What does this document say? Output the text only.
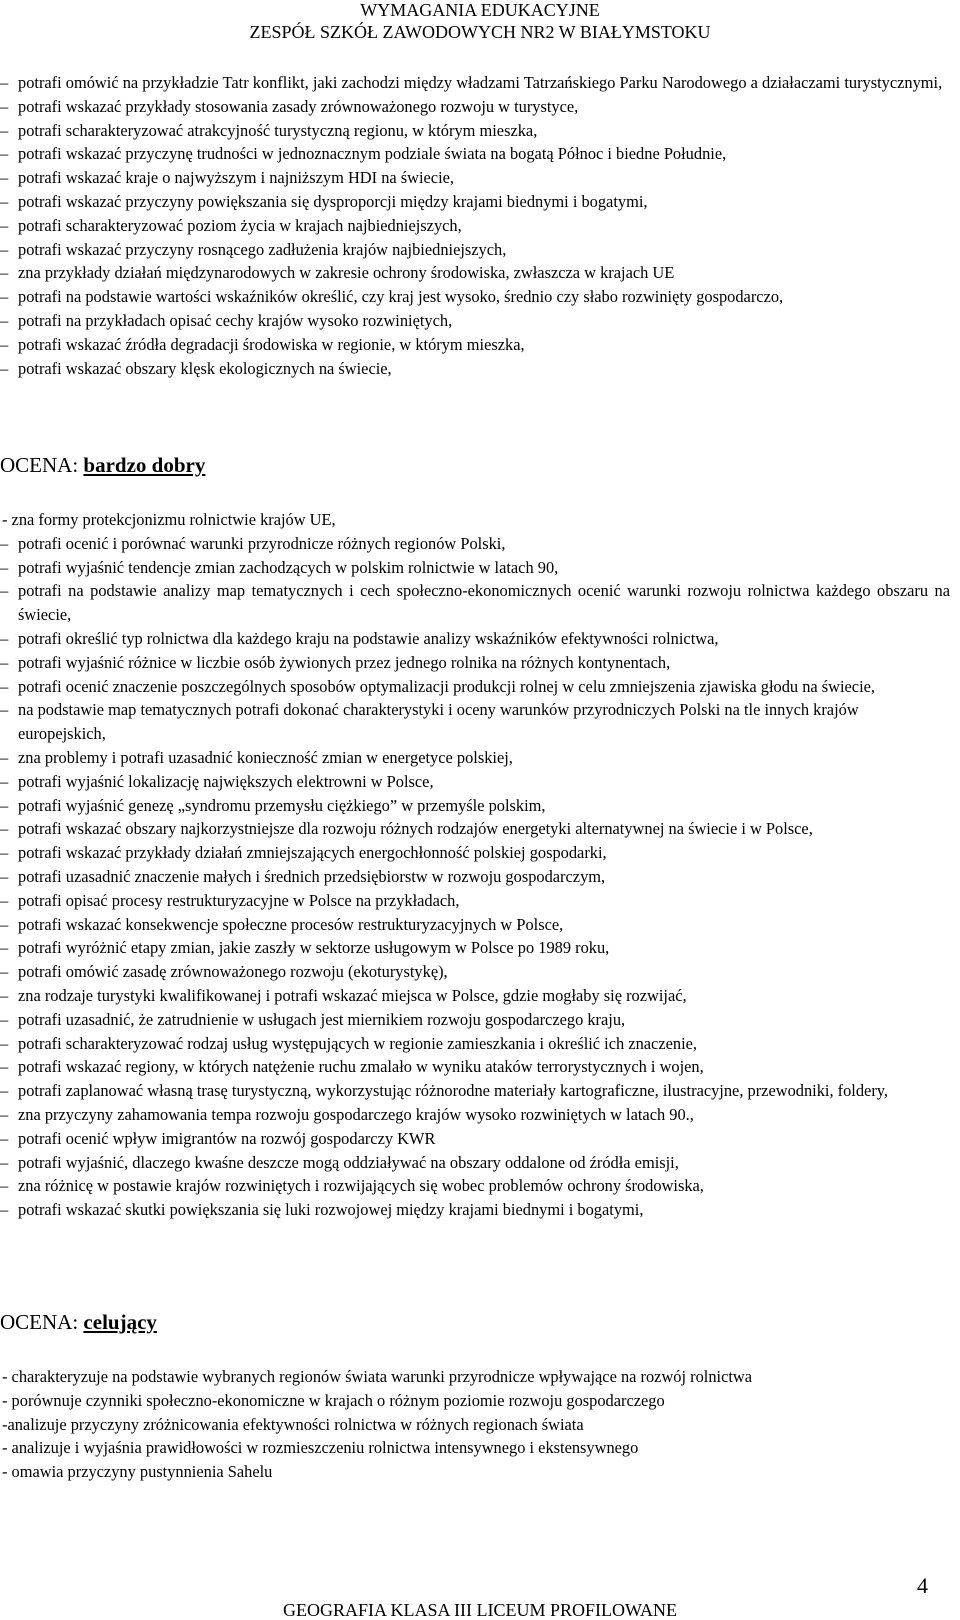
WYMAGANIA EDUKACYJNE
ZESPÓŁ SZKÓŁ ZAWODOWYCH NR2 W BIAŁYMSTOKU
– potrafi omówić na przykładzie Tatr konflikt, jaki zachodzi między władzami Tatrzańskiego Parku Narodowego a działaczami turystycznymi,
– potrafi wskazać przykłady stosowania zasady zrównoważonego rozwoju w turystyce,
– potrafi scharakteryzować atrakcyjność turystyczną regionu, w którym mieszka,
– potrafi wskazać przyczynę trudności w jednoznacznym podziale świata na bogatą Północ i biedne Południe,
– potrafi wskazać kraje o najwyższym i najniższym HDI na świecie,
– potrafi wskazać przyczyny powiększania się dysproporcji między krajami biednymi i bogatymi,
– potrafi scharakteryzować poziom życia w krajach najbiedniejszych,
– potrafi wskazać przyczyny rosnącego zadłużenia krajów najbiedniejszych,
– zna przykłady działań międzynarodowych w zakresie ochrony środowiska, zwłaszcza w krajach UE
– potrafi na podstawie wartości wskaźników określić, czy kraj jest wysoko, średnio czy słabo rozwinięty gospodarczo,
– potrafi na przykładach opisać cechy krajów wysoko rozwiniętych,
– potrafi wskazać źródła degradacji środowiska w regionie, w którym mieszka,
– potrafi wskazać obszary klęsk ekologicznych na świecie,
OCENA: bardzo dobry
- zna formy protekcjonizmu rolnictwie krajów UE,
– potrafi ocenić i porównać warunki przyrodnicze różnych regionów Polski,
– potrafi wyjaśnić tendencje zmian zachodzących w polskim rolnictwie w latach 90,
– potrafi na podstawie analizy map tematycznych i cech społeczno-ekonomicznych ocenić warunki rozwoju rolnictwa każdego obszaru na świecie,
– potrafi określić typ rolnictwa dla każdego kraju na podstawie analizy wskaźników efektywności rolnictwa,
– potrafi wyjaśnić różnice w liczbie osób żywionych przez jednego rolnika na różnych kontynentach,
– potrafi ocenić znaczenie poszczególnych sposobów optymalizacji produkcji rolnej w celu zmniejszenia zjawiska głodu na świecie,
– na podstawie map tematycznych potrafi dokonać charakterystyki i oceny warunków przyrodniczych Polski na tle innych krajów europejskich,
– zna problemy i potrafi uzasadnić konieczność zmian w energetyce polskiej,
– potrafi wyjaśnić lokalizację największych elektrowni w Polsce,
– potrafi wyjaśnić genezę „syndromu przemysłu ciężkiego” w przemyśle polskim,
– potrafi wskazać obszary najkorzystniejsze dla rozwoju różnych rodzajów energetyki alternatywnej na świecie i w Polsce,
– potrafi wskazać przykłady działań zmniejszających energochłonność polskiej gospodarki,
– potrafi uzasadnić znaczenie małych i średnich przedsiębiorstw w rozwoju gospodarczym,
– potrafi opisać procesy restrukturyzacyjne w Polsce na przykładach,
– potrafi wskazać konsekwencje społeczne procesów restrukturyzacyjnych w Polsce,
– potrafi wyróżnić etapy zmian, jakie zaszły w sektorze usługowym w Polsce po 1989 roku,
– potrafi omówić zasadę zrównoważonego rozwoju (ekoturystykę),
– zna rodzaje turystyki kwalifikowanej i potrafi wskazać miejsca w Polsce, gdzie mogłaby się rozwijać,
– potrafi uzasadnić, że zatrudnienie w usługach jest miernikiem rozwoju gospodarczego kraju,
– potrafi scharakteryzować rodzaj usług występujących w regionie zamieszkania i określić ich znaczenie,
– potrafi wskazać regiony, w których natężenie ruchu zmalało w wyniku ataków terrorystycznych i wojen,
– potrafi zaplanować własną trasę turystyczną, wykorzystując różnorodne materiały kartograficzne, ilustracyjne, przewodniki, foldery,
– zna przyczyny zahamowania tempa rozwoju gospodarczego krajów wysoko rozwiniętych w latach 90.,
– potrafi ocenić wpływ imigrantów na rozwój gospodarczy KWR
– potrafi wyjaśnić, dlaczego kwaśne deszcze mogą oddziaływać na obszary oddalone od źródła emisji,
– zna różnicę w postawie krajów rozwiniętych i rozwijających się wobec problemów ochrony środowiska,
– potrafi wskazać skutki powiększania się luki rozwojowej między krajami biednymi i bogatymi,
OCENA: celujący
- charakteryzuje na podstawie wybranych regionów świata warunki przyrodnicze wpływające na rozwój rolnictwa
- porównuje czynniki społeczno-ekonomiczne w krajach o różnym poziomie rozwoju gospodarczego
-analizuje przyczyny zróżnicowania efektywności rolnictwa w różnych regionach świata
- analizuje i wyjaśnia prawidłowości w rozmieszczeniu rolnictwa intensywnego i ekstensywnego
- omawia przyczyny pustynnienia Sahelu
4
GEOGRAFIA KLASA III LICEUM PROFILOWANE
